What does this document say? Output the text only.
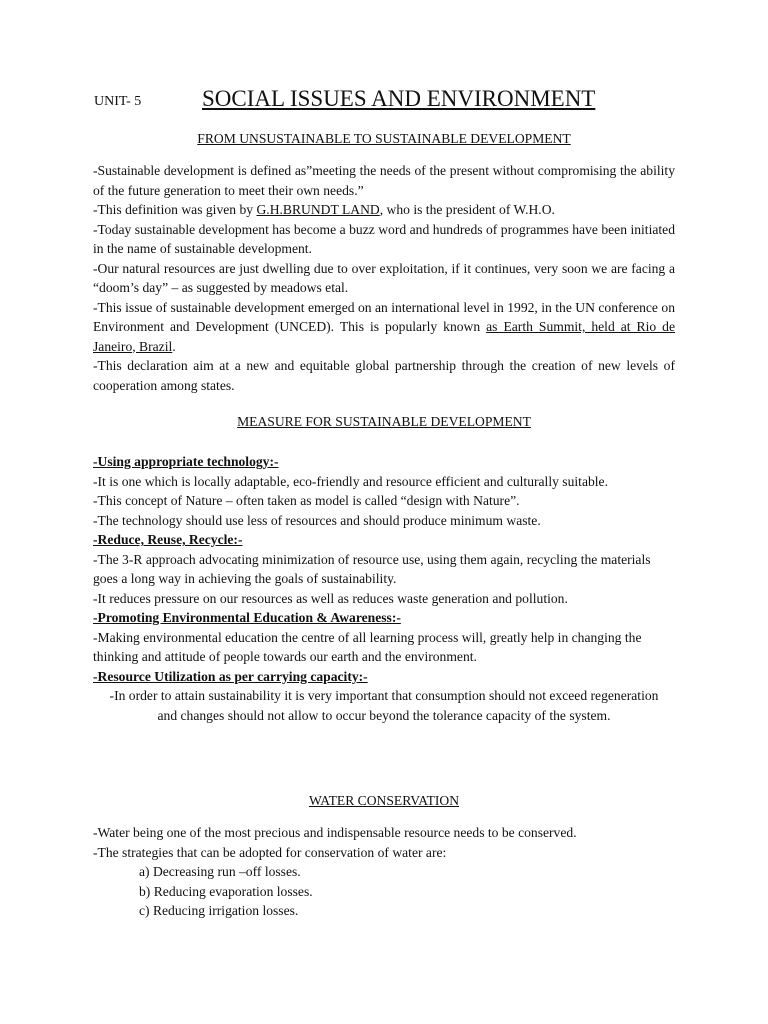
UNIT- 5	SOCIAL ISSUES AND ENVIRONMENT
FROM UNSUSTAINABLE TO SUSTAINABLE DEVELOPMENT

-Sustainable development is defined as”meeting the needs of the present without compromising the ability of the future generation to meet their own needs.”

-This definition was given by G.H.BRUNDT LAND, who is the president of W.H.O.

-Today sustainable development has become a buzz word and hundreds of programmes have been initiated in the name of sustainable development.

-Our natural resources are just dwelling due to over exploitation, if it continues, very soon we are facing a “doom’s day” – as suggested by meadows etal.

-This issue of sustainable development emerged on an international level in 1992, in the UN conference on Environment and Development (UNCED). This is popularly known as Earth Summit, held at Rio de Janeiro, Brazil.

-This declaration aim at a new and equitable global partnership through the creation of new levels of cooperation among states.

MEASURE FOR SUSTAINABLE DEVELOPMENT

-Using appropriate technology:-

-It is one which is locally adaptable, eco-friendly and resource efficient and culturally suitable.

-This concept of Nature – often taken as model is called “design with Nature”.

-The technology should use less of resources and should produce minimum waste.

-Reduce, Reuse, Recycle:-

-The 3-R approach advocating minimization of resource use, using them again, recycling the materials goes a long way in achieving the goals of sustainability.

-It reduces pressure on our resources as well as reduces waste generation and pollution.

-Promoting Environmental Education & Awareness:-

-Making environmental education the centre of all learning process will, greatly help in changing the thinking and attitude of people towards our earth and the environment.

-Resource Utilization as per carrying capacity:-

-In order to attain sustainability it is very important that consumption should not exceed regeneration and changes should not allow to occur beyond the tolerance capacity of the system.

WATER CONSERVATION

-Water being one of the most precious and indispensable resource needs to be conserved.

-The strategies that can be adopted for conservation of water are:

a) Decreasing run –off losses.

b) Reducing evaporation losses.

c) Reducing irrigation losses.
